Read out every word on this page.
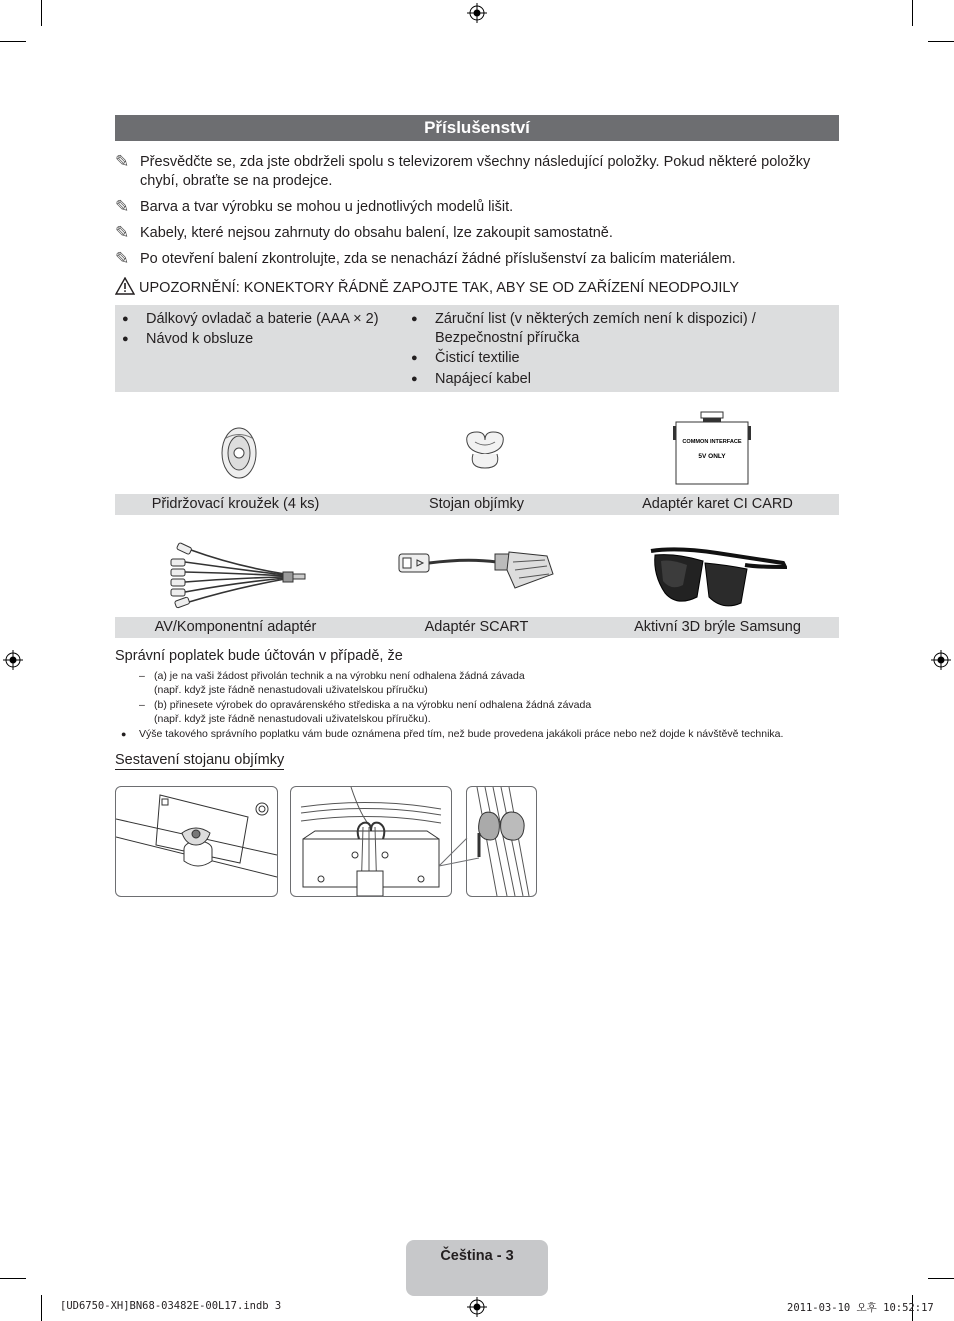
Příslušenství
✎ Přesvědčte se, zda jste obdrželi spolu s televizorem všechny následující položky. Pokud některé položky chybí, obraťte se na prodejce.
✎ Barva a tvar výrobku se mohou u jednotlivých modelů lišit.
✎ Kabely, které nejsou zahrnuty do obsahu balení, lze zakoupit samostatně.
✎ Po otevření balení zkontrolujte, zda se nenachází žádné příslušenství za balicím materiálem.
UPOZORNĚNÍ: KONEKTORY ŘÁDNĚ ZAPOJTE TAK, ABY SE OD ZAŘÍZENÍ NEODPOJILY
● Dálkový ovladač a baterie (AAA × 2)
● Návod k obsluze
● Záruční list (v některých zemích není k dispozici) / Bezpečnostní příručka
● Čisticí textilie
● Napájecí kabel
COMMON INTERFACE
5V ONLY
Přidržovací kroužek (4 ks)	Stojan objímky	Adaptér karet CI CARD
AV/Komponentní adaptér	Adaptér SCART	Aktivní 3D brýle Samsung
Správní poplatek bude účtován v případě, že
– (a) je na vaši žádost přivolán technik a na výrobku není odhalena žádná závada
(např. když jste řádně nenastudovali uživatelskou příručku)
– (b) přinesete výrobek do opravárenského střediska a na výrobku není odhalena žádná závada
(např. když jste řádně nenastudovali uživatelskou příručku).
● Výše takového správního poplatku vám bude oznámena před tím, než bude provedena jakákoli práce nebo než dojde k návštěvě technika.
Sestavení stojanu objímky
Čeština - 3
[UD6750-XH]BN68-03482E-00L17.indb 3	2011-03-10 오후 10:52:17
